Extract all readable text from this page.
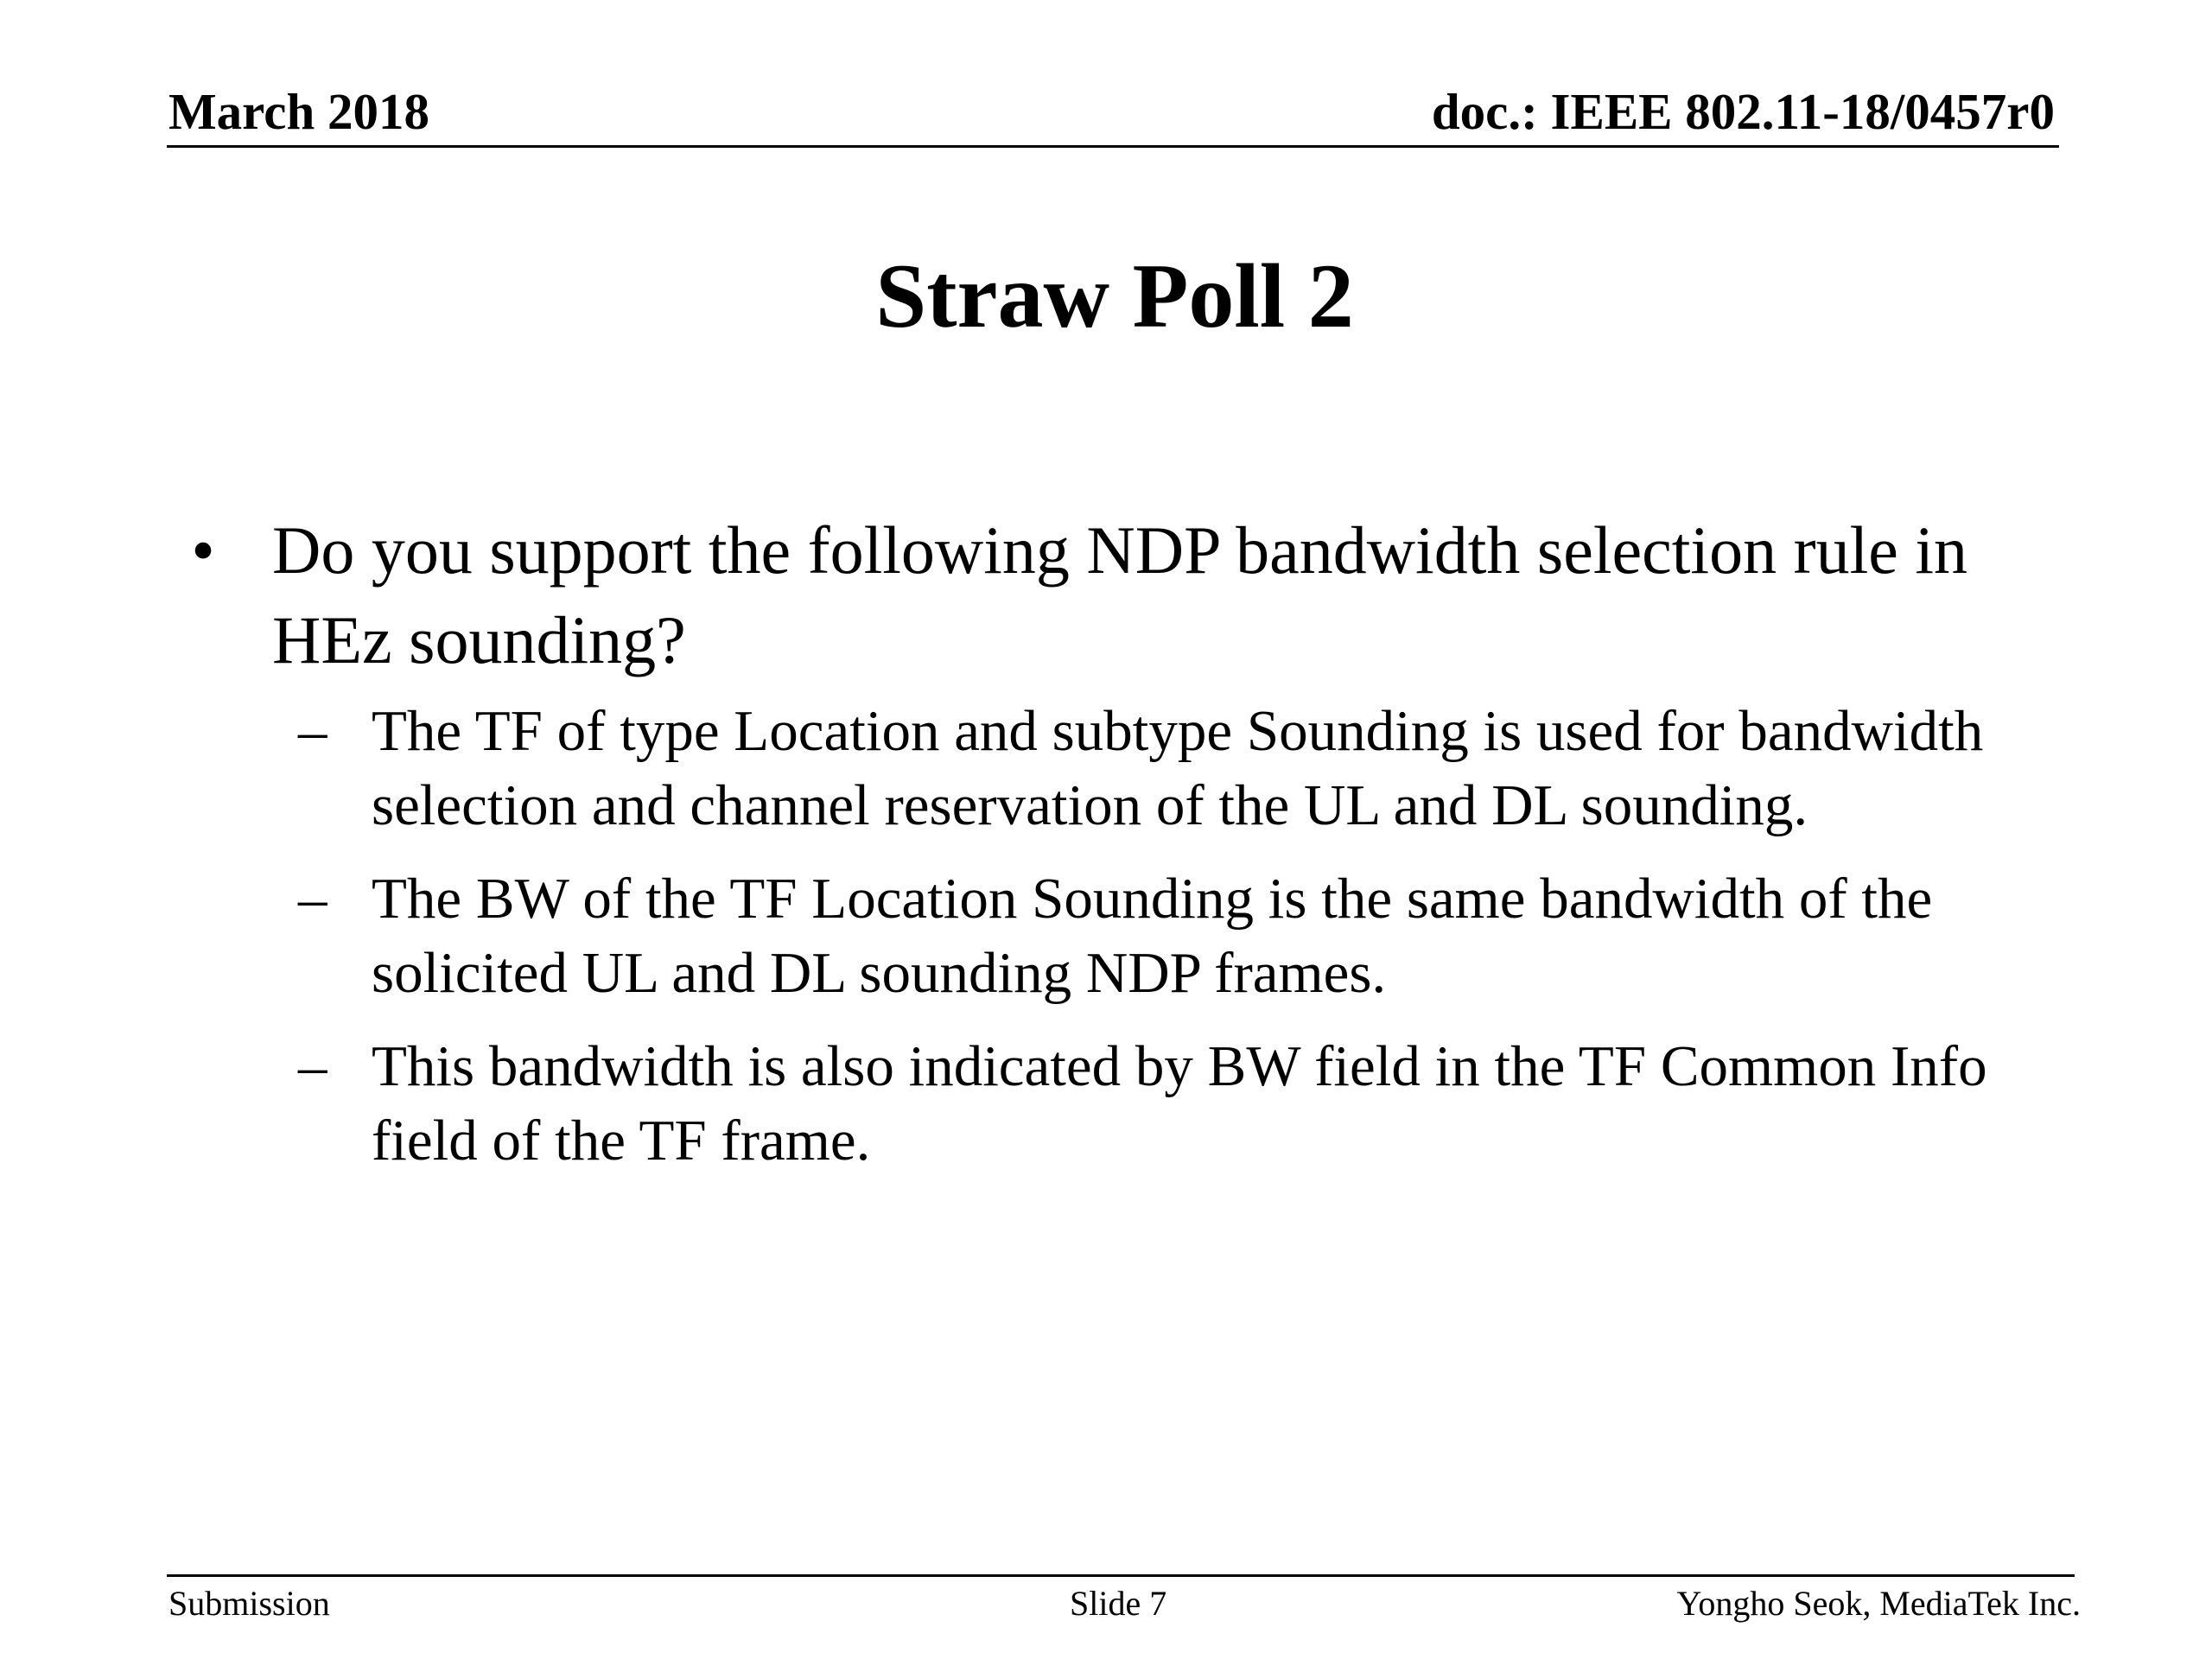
March 2018	doc.: IEEE 802.11-18/0457r0
Straw Poll 2
• Do you support the following NDP bandwidth selection rule in HEz sounding?
– The TF of type Location and subtype Sounding is used for bandwidth selection and channel reservation of the UL and DL sounding.
– The BW of the TF Location Sounding is the same bandwidth of the solicited UL and DL sounding NDP frames.
– This bandwidth is also indicated by BW field in the TF Common Info field of the TF frame.
Submission	Slide 7	Yongho Seok, MediaTek Inc.
